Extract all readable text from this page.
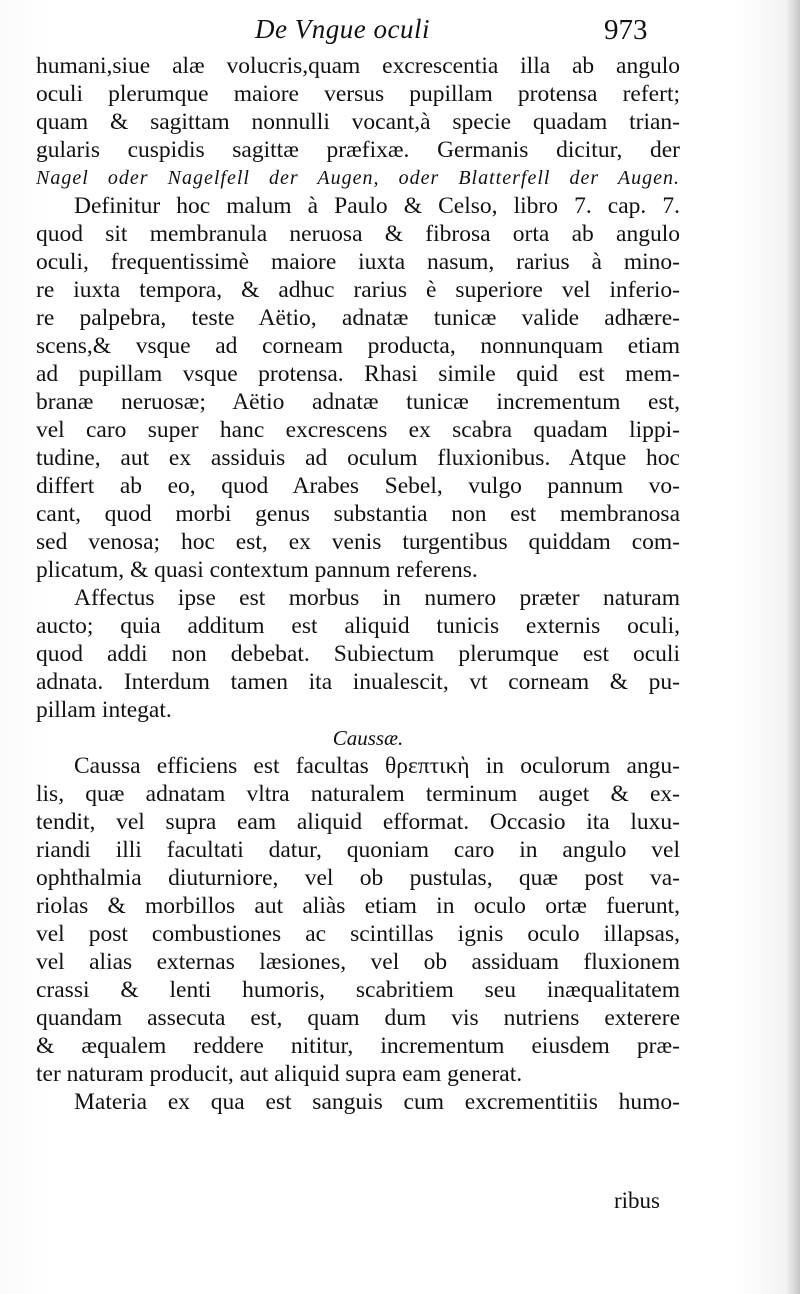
De Vngue oculi	973
humani,siue alæ volucris,quam excrescentia illa ab angulo
oculi plerumque maiore versus pupillam protensa refert;
quam & sagittam nonnulli vocant,à specie quadam trian-
gularis cuspidis sagittæ præfixæ. Germanis dicitur, der
Nagel oder Nagelfell der Augen, oder Blatterfell der Augen.
Definitur hoc malum à Paulo & Celso, libro 7. cap. 7.
quod sit membranula neruosa & fibrosa orta ab angulo
oculi, frequentissimè maiore iuxta nasum, rarius à mino-
re iuxta tempora, & adhuc rarius è superiore vel inferio-
re palpebra, teste Aëtio, adnatæ tunicæ valide adhære-
scens,& vsque ad corneam producta, nonnunquam etiam
ad pupillam vsque protensa. Rhasi simile quid est mem-
branæ neruosæ; Aëtio adnatæ tunicæ incrementum est,
vel caro super hanc excrescens ex scabra quadam lippi-
tudine, aut ex assiduis ad oculum fluxionibus. Atque hoc
differt ab eo, quod Arabes Sebel, vulgo pannum vo-
cant, quod morbi genus substantia non est membranosa
sed venosa; hoc est, ex venis turgentibus quiddam com-
plicatum, & quasi contextum pannum referens.
Affectus ipse est morbus in numero præter naturam
aucto; quia additum est aliquid tunicis externis oculi,
quod addi non debebat. Subiectum plerumque est oculi
adnata. Interdum tamen ita inualescit, vt corneam & pu-
pillam integat.
Caussæ.
Caussa efficiens est facultas θρεπτικὴ in oculorum angu-
lis, quæ adnatam vltra naturalem terminum auget & ex-
tendit, vel supra eam aliquid efformat. Occasio ita luxu-
riandi illi facultati datur, quoniam caro in angulo vel
ophthalmia diuturniore, vel ob pustulas, quæ post va-
riolas & morbillos aut aliàs etiam in oculo ortæ fuerunt,
vel post combustiones ac scintillas ignis oculo illapsas,
vel alias externas læsiones, vel ob assiduam fluxionem
crassi & lenti humoris, scabritiem seu inæqualitatem
quandam assecuta est, quam dum vis nutriens exterere
& æqualem reddere nititur, incrementum eiusdem præ-
ter naturam producit, aut aliquid supra eam generat.
Materia ex qua est sanguis cum excrementitiis humo-
ribus
